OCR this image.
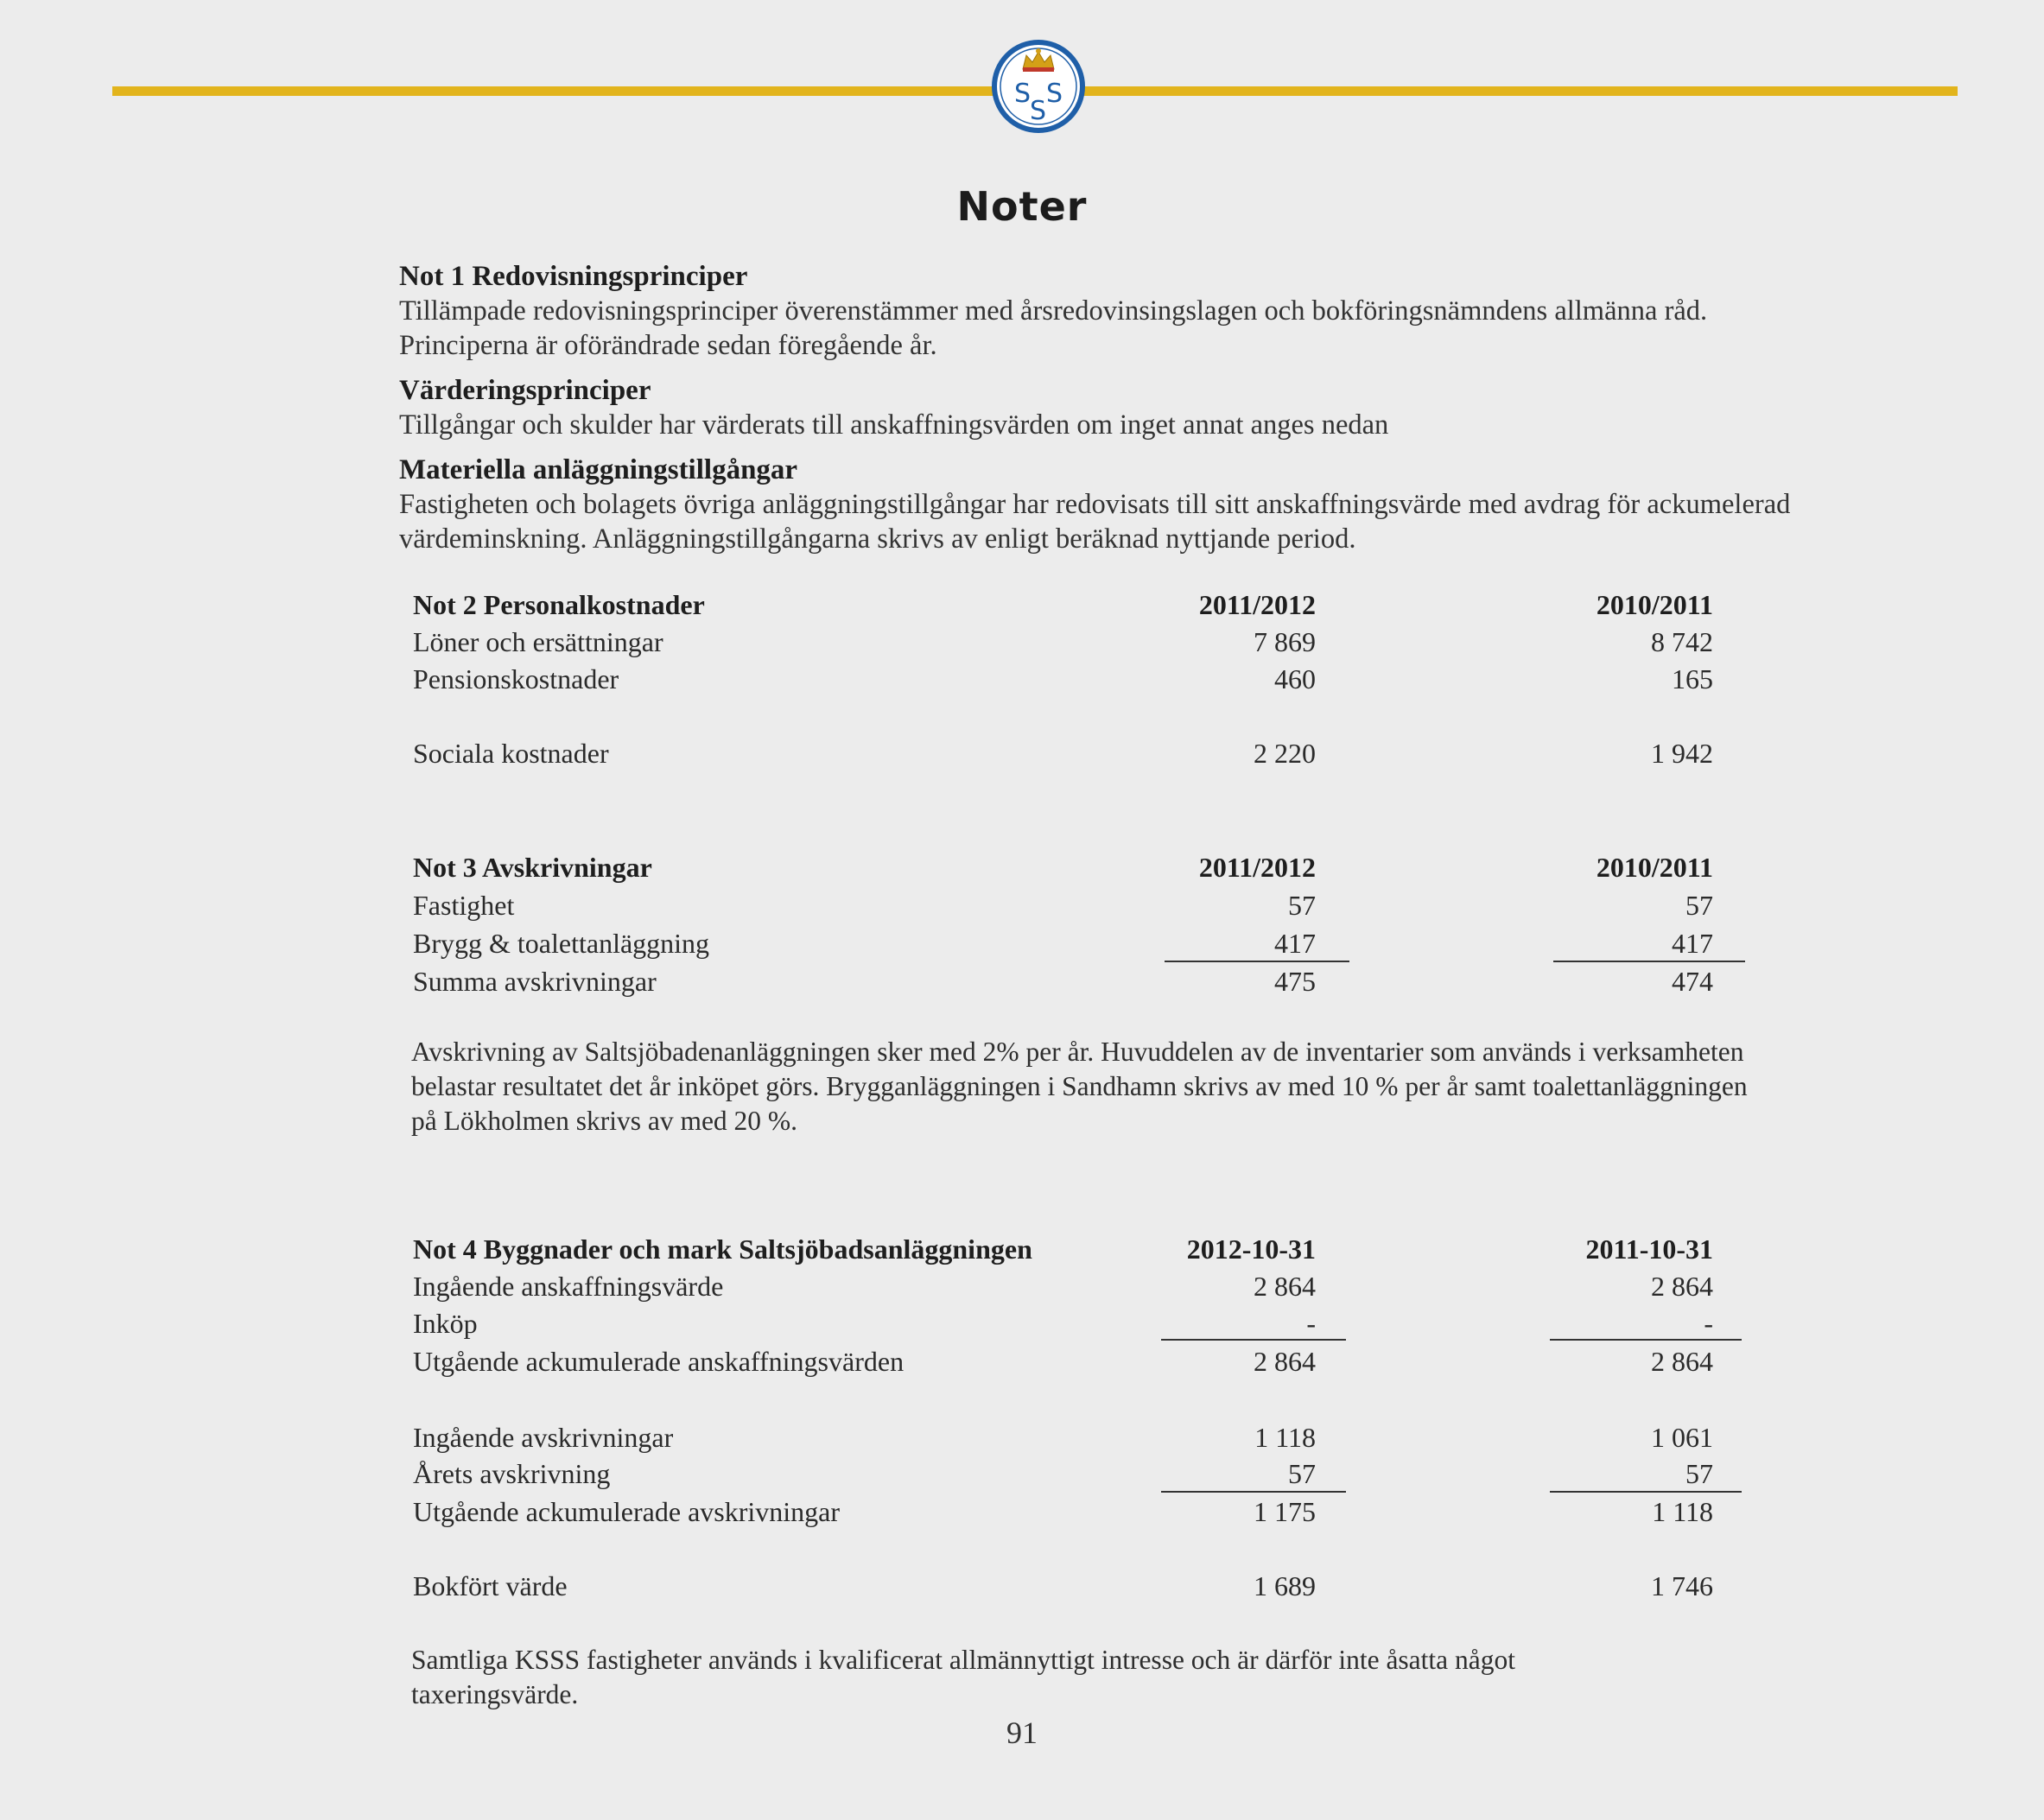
S S
S
Noter
Not 1 Redovisningsprinciper

Tillämpade redovisningsprinciper överenstämmer med årsredovinsingslagen och bokföringsnämndens allmänna råd. Principerna är oförändrade sedan föregående år.

Värderingsprinciper

Tillgångar och skulder har värderats till anskaffningsvärden om inget annat anges nedan

Materiella anläggningstillgångar

Fastigheten och bolagets övriga anläggningstillgångar har redovisats till sitt anskaffningsvärde med avdrag för ackumelerad värdeminskning. Anläggningstillgångarna skrivs av enligt beräknad nyttjande period.

Not 2 Personalkostnader	2011/2012	2010/2011
Löner och ersättningar	7 869	8 742
Pensionskostnader	460	165
Sociala kostnader	2 220	1 942
Not 3 Avskrivningar	2011/2012	2010/2011
Fastighet	57	57
Brygg & toalettanläggning	417	417
Summa avskrivningar	475	474
Avskrivning av Saltsjöbadenanläggningen sker med 2% per år. Huvuddelen av de inventarier som används i verksamheten belastar resultatet det år inköpet görs. Brygganläggningen i Sandhamn skrivs av med 10 % per år samt toalettanläggningen på Lökholmen skrivs av med 20 %.
Not 4 Byggnader och mark Saltsjöbadsanläggningen	2012-10-31	2011-10-31
Ingående anskaffningsvärde	2 864	2 864
Inköp	-	-
Utgående ackumulerade anskaffningsvärden	2 864	2 864
Ingående avskrivningar	1 118	1 061
Årets avskrivning	57	57
Utgående ackumulerade avskrivningar	1 175	1 118
Bokfört värde	1 689	1 746
Samtliga KSSS fastigheter används i kvalificerat allmännyttigt intresse och är därför inte åsatta något taxeringsvärde.
91
